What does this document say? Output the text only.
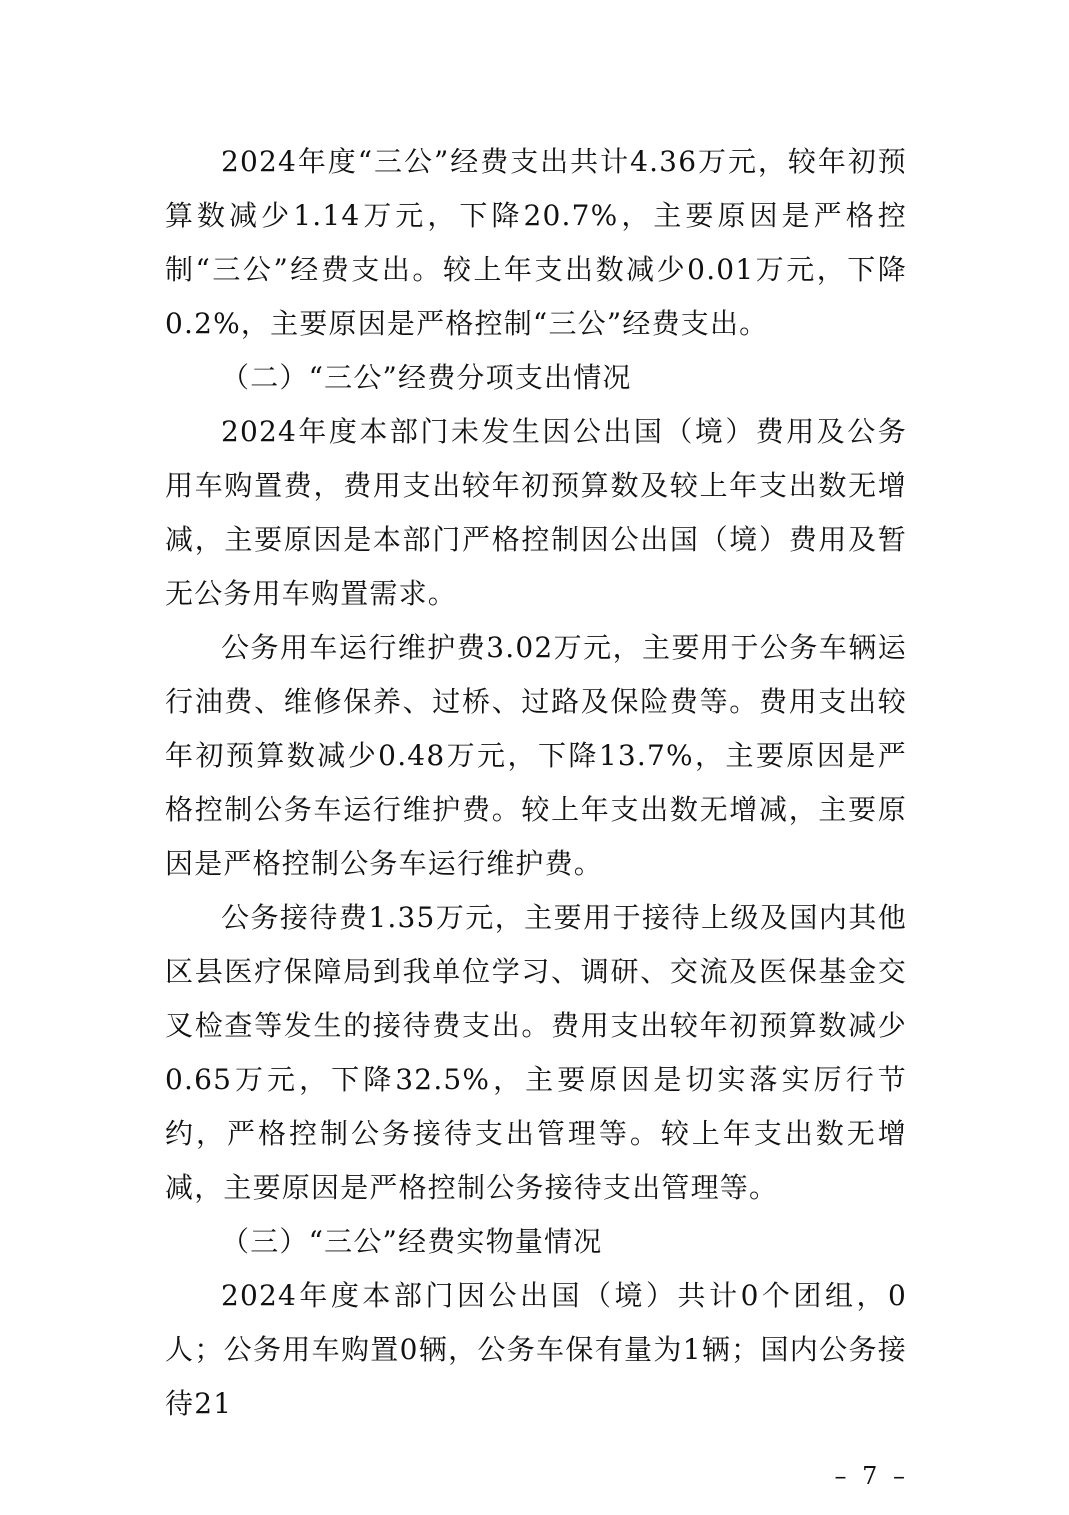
2024年度“三公”经费支出共计4.36万元，较年初预算数减少1.14万元，下降20.7%，主要原因是严格控制“三公”经费支出。较上年支出数减少0.01万元，下降0.2%，主要原因是严格控制“三公”经费支出。

（二）“三公”经费分项支出情况

2024年度本部门未发生因公出国（境）费用及公务用车购置费，费用支出较年初预算数及较上年支出数无增减，主要原因是本部门严格控制因公出国（境）费用及暂无公务用车购置需求。

公务用车运行维护费3.02万元，主要用于公务车辆运行油费、维修保养、过桥、过路及保险费等。费用支出较年初预算数减少0.48万元，下降13.7%，主要原因是严格控制公务车运行维护费。较上年支出数无增减，主要原因是严格控制公务车运行维护费。

公务接待费1.35万元，主要用于接待上级及国内其他区县医疗保障局到我单位学习、调研、交流及医保基金交叉检查等发生的接待费支出。费用支出较年初预算数减少0.65万元，下降32.5%，主要原因是切实落实厉行节约，严格控制公务接待支出管理等。较上年支出数无增减，主要原因是严格控制公务接待支出管理等。

（三）“三公”经费实物量情况

2024年度本部门因公出国（境）共计0个团组，0人；公务用车购置0辆，公务车保有量为1辆；国内公务接待21

– 7 –
